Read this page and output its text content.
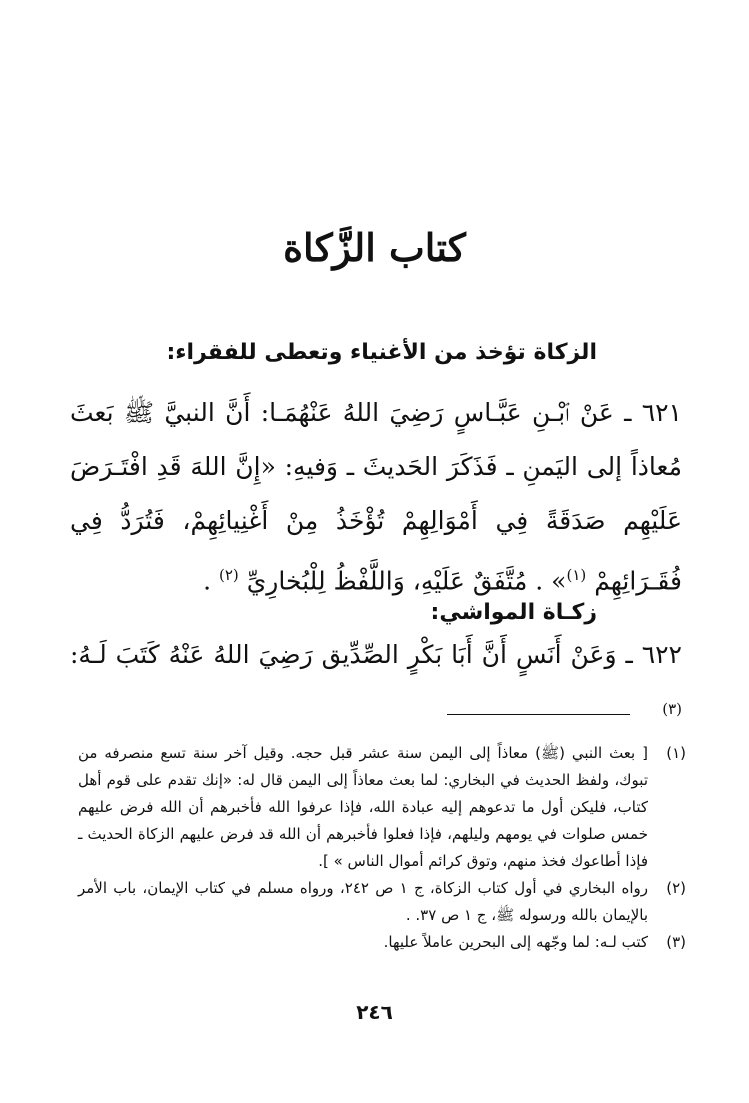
كتاب الزَّكاة
الزكاة تؤخذ من الأغنياء وتعطى للفقراء:
٦٢١ ـ عَنْ ٱبْـنِ عَبَّـاسٍ رَضِيَ اللهُ عَنْهُمَـا: أَنَّ النبيَّ ﷺ بَعثَ مُعاذاً إلى اليَمنِ ـ فَذَكَرَ الحَديثَ ـ وَفيهِ: «إِنَّ اللهَ قَدِ افْتَـرَضَ عَلَيْهِم صَدَقَةً فِي أَمْوَالِهِمْ تُؤْخَذُ مِنْ أَغْنِيائِهِمْ، فَتُرَدُّ فِي فُقَـرَائِهِمْ $^{(١)}$» . مُتَّفَقٌ عَلَيْهِ، وَاللَّفْظُ لِلْبُخارِيِّ $^{(٢)}$ .
زكـاة المواشي:
٦٢٢ ـ وَعَنْ أَنَسٍ أَنَّ أَبَا بَكْرٍ الصِّدِّيق رَضِيَ اللهُ عَنْهُ كَتَبَ لَـهُ:$^{(٣)}$
(١)
[ بعث النبي (ﷺ) معاذاً إلى اليمن سنة عشر قبل حجه. وقيل آخر سنة تسع منصرفه من تبوك، ولفظ الحديث في البخاري: لما بعث معاذاً إلى اليمن قال له: «إنك تقدم على قوم أهل كتاب، فليكن أول ما تدعوهم إليه عبادة الله، فإذا عرفوا الله فأخبرهم أن الله فرض عليهم خمس صلوات في يومهم وليلهم، فإذا فعلوا فأخبرهم أن الله قد فرض عليهم الزكاة الحديث ـ فإذا أطاعوك فخذ منهم، وتوق كرائم أموال الناس » ].
(٢)
رواه البخاري في أول كتاب الزكاة، ج ١ ص ٢٤٢، ورواه مسلم في كتاب الإيمان، باب الأمر بالإيمان بالله ورسوله ﷺ، ج ١ ص ٣٧. .
(٣)
كتب لـه: لما وجّهه إلى البحرين عاملاً عليها.
٢٤٦
